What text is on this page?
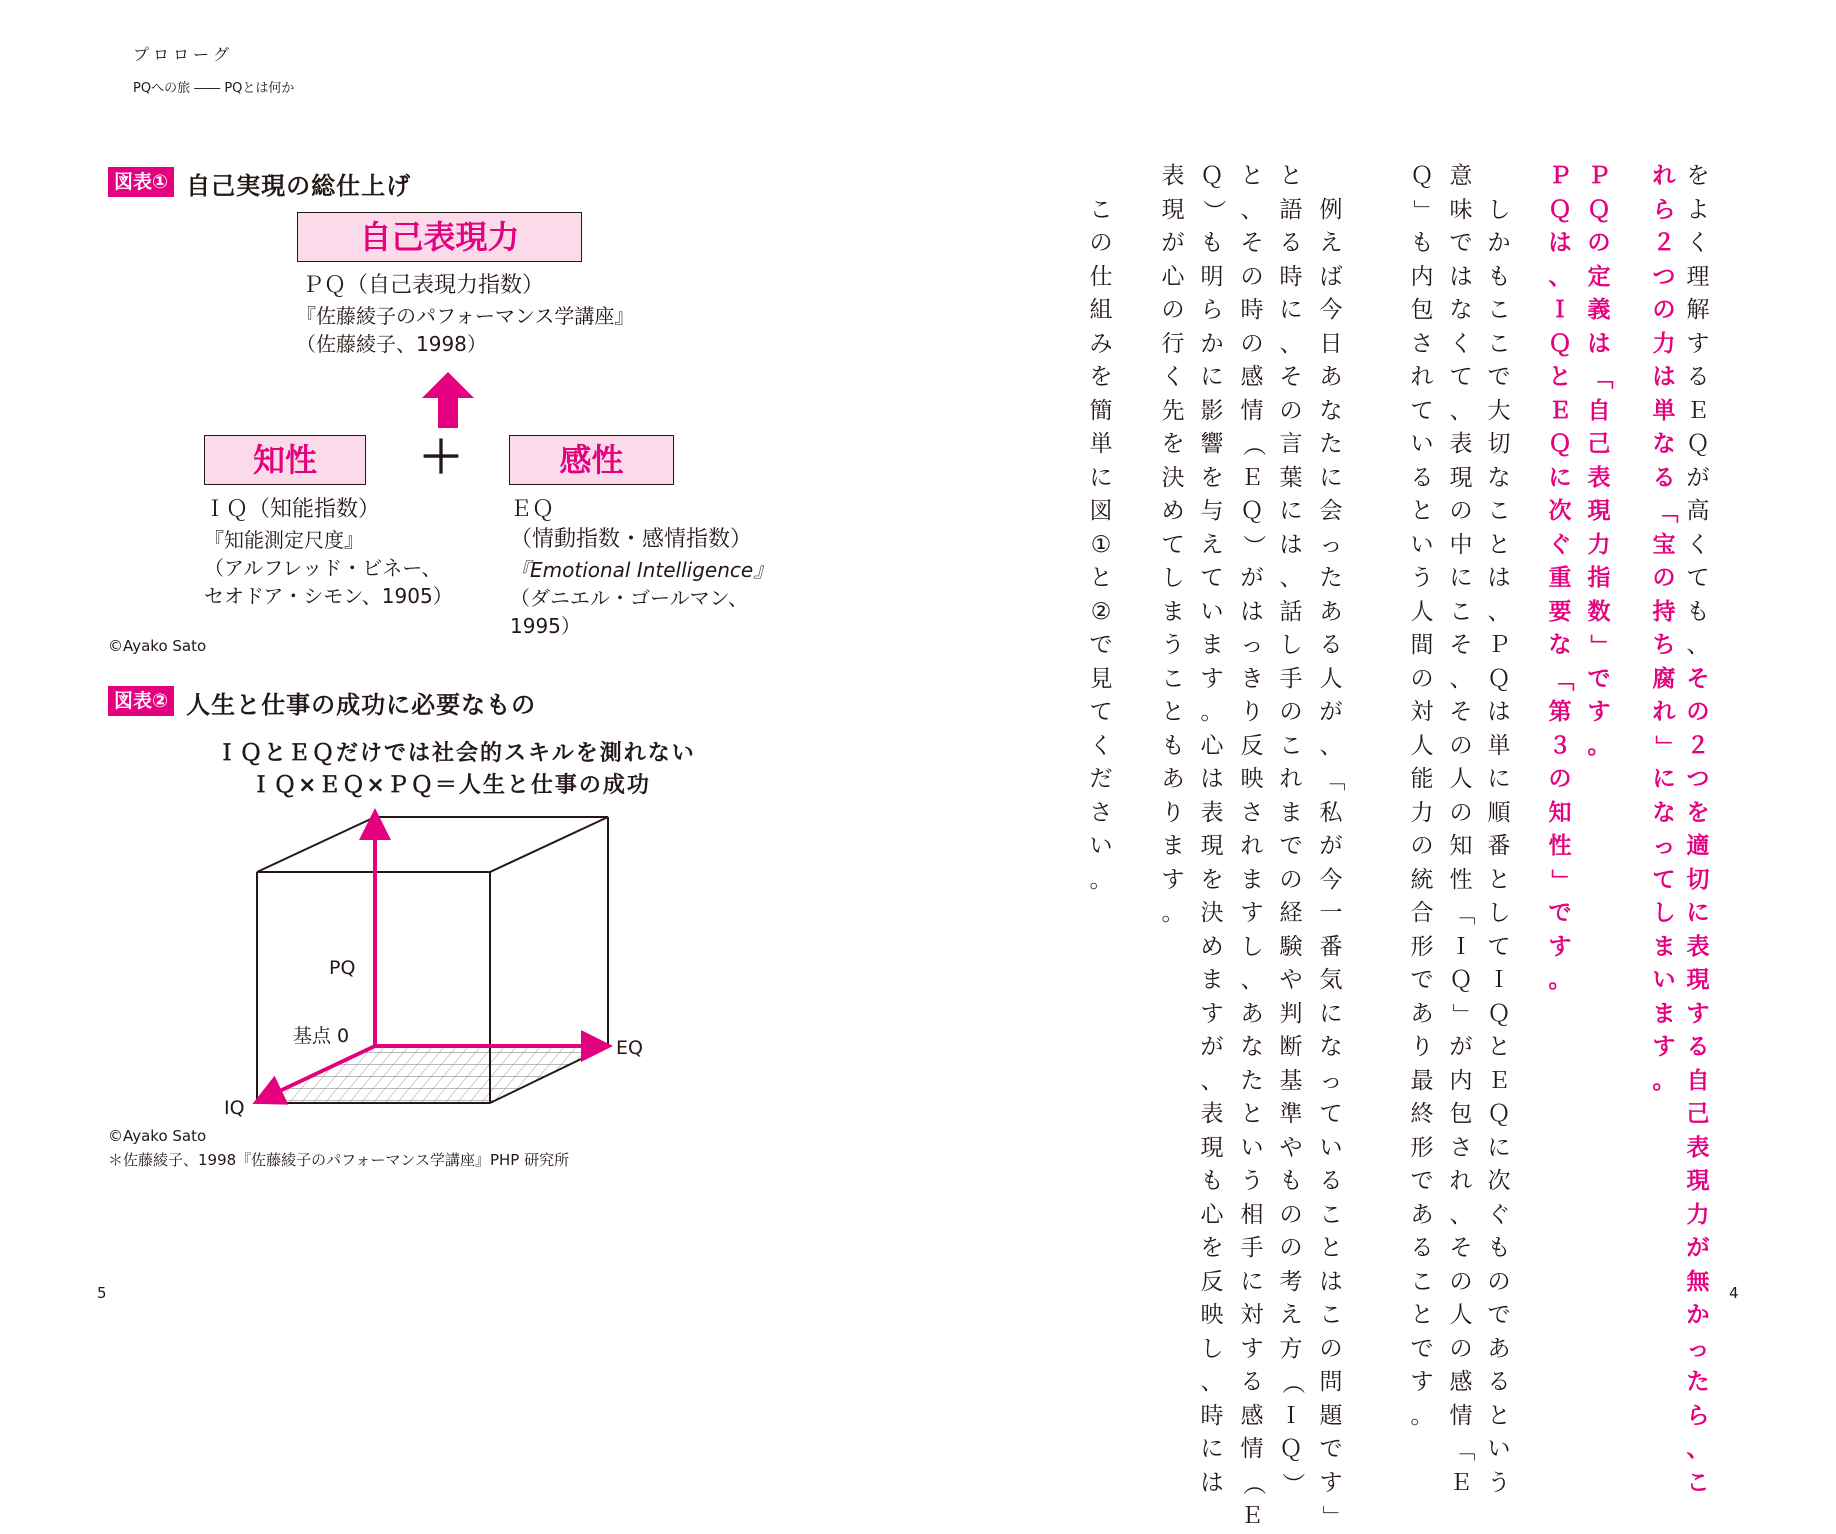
プロローグ
PQへの旅 ―― PQとは何か
図表① 自己実現の総仕上げ
自己表現力
ＰＱ（自己表現力指数）
『佐藤綾子のパフォーマンス学講座』
（佐藤綾子、1998）
知性	＋	感性
ＩＱ（知能指数）
『知能測定尺度』
（アルフレッド・ビネー、
セオドア・シモン、1905）
ＥＱ
（情動指数・感情指数）
『Emotional Intelligence』
（ダニエル・ゴールマン、
1995）
©Ayako Sato
図表② 人生と仕事の成功に必要なもの
ＩＱとＥＱだけでは社会的スキルを測れない
ＩＱ×ＥＱ×ＰＱ＝人生と仕事の成功
PQ
基点 0
EQ
IQ
©Ayako Sato
＊佐藤綾子、1998『佐藤綾子のパフォーマンス学講座』PHP 研究所
5
を
よ
く
理
解
す
る
Ｅ
Ｑ
が
高
く
て
も
、
そ
の
２
つ
を
適
切
に
表
現
す
る
自
己
表
現
力
が
無
か
っ
た
ら
、
こ
れ
ら
２
つ
の
力
は
単
な
る
「
宝
の
持
ち
腐
れ
」
に
な
っ
て
し
ま
い
ま
す
。
Ｐ
Ｑ
の
定
義
は
「
自
己
表
現
力
指
数
」
で
す
。
Ｐ
Ｑ
は
、
Ｉ
Ｑ
と
Ｅ
Ｑ
に
次
ぐ
重
要
な
「
第
３
の
知
性
」
で
す
。

し
か
も
こ
こ
で
大
切
な
こ
と
は
、
Ｐ
Ｑ
は
単
に
順
番
と
し
て
Ｉ
Ｑ
と
Ｅ
Ｑ
に
次
ぐ
も
の
で
あ
る
と
い
う
意
味
で
は
な
く
て
、
表
現
の
中
に
こ
そ
、
そ
の
人
の
知
性
「
Ｉ
Ｑ
」
が
内
包
さ
れ
、
そ
の
人
の
感
情
「
Ｅ
Ｑ
」
も
内
包
さ
れ
て
い
る
と
い
う
人
間
の
対
人
能
力
の
統
合
形
で
あ
り
最
終
形
で
あ
る
こ
と
で
す
。

例
え
ば
今
日
あ
な
た
に
会
っ
た
あ
る
人
が
、
「
私
が
今
一
番
気
に
な
っ
て
い
る
こ
と
は
こ
の
問
題
で
す
」
と
語
る
時
に
、
そ
の
言
葉
に
は
、
話
し
手
の
こ
れ
ま
で
の
経
験
や
判
断
基
準
や
も
の
の
考
え
方
（
Ｉ
Ｑ
）
と
、
そ
の
時
の
感
情
（
Ｅ
Ｑ
）
が
は
っ
き
り
反
映
さ
れ
ま
す
し
、
あ
な
た
と
い
う
相
手
に
対
す
る
感
情
（
Ｅ
Ｑ
）
も
明
ら
か
に
影
響
を
与
え
て
い
ま
す
。
心
は
表
現
を
決
め
ま
す
が
、
表
現
も
心
を
反
映
し
、
時
に
は
表
現
が
心
の
行
く
先
を
決
め
て
し
ま
う
こ
と
も
あ
り
ま
す
。

こ
の
仕
組
み
を
簡
単
に
図
①
と
②
で
見
て
く
だ
さ
い
。
4
